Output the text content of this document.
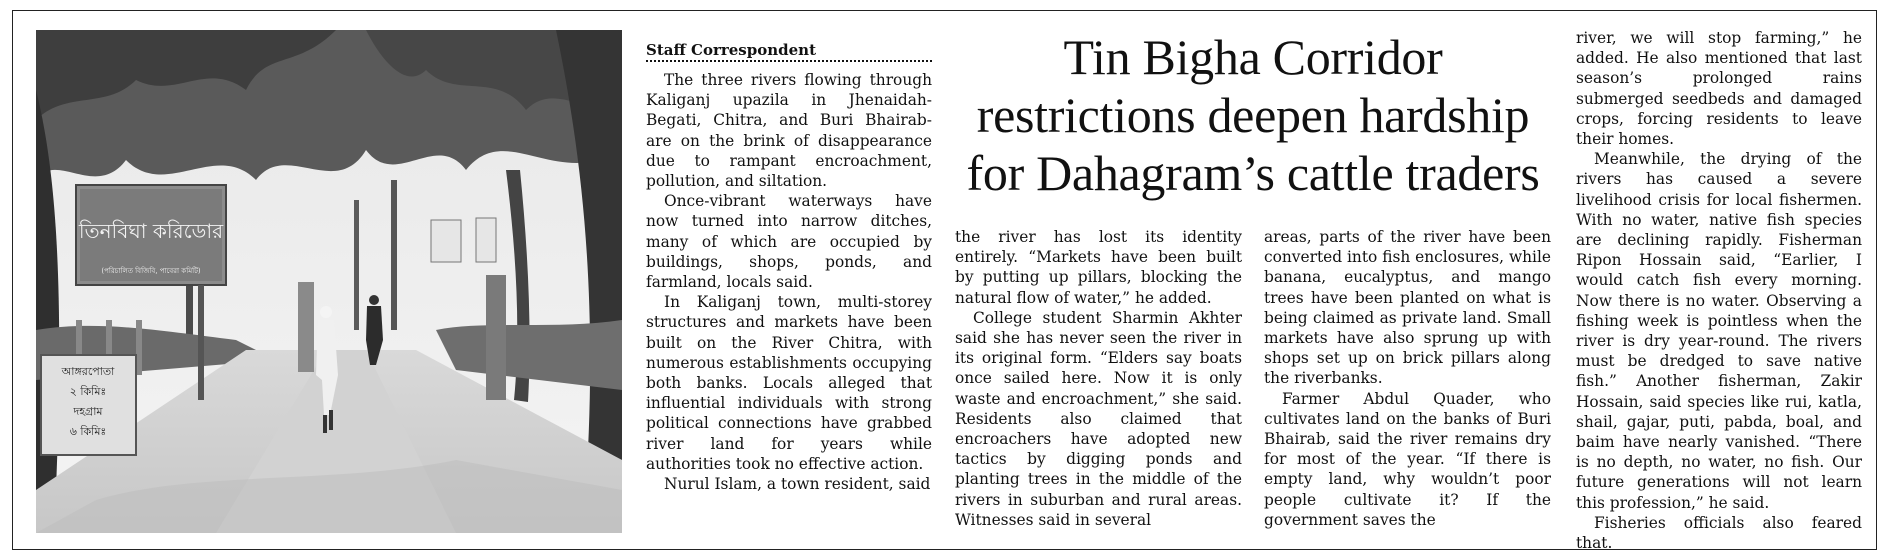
তিনবিঘা করিডোর
(পরিচালিত বিজিবি, পাবেরা কমিটি)
আঙ্গরপোতা
২ কিমিঃ
দহগ্রাম
৬ কিমিঃ
Staff Correspondent

The three rivers flowing through Kaliganj upazila in Jhenaidah- Begati, Chitra, and Buri Bhairab- are on the brink of disappearance due to rampant encroachment, pollution, and siltation.

Once-vibrant waterways have now turned into narrow ditches, many of which are occupied by buildings, shops, ponds, and farmland, locals said.

In Kaliganj town, multi-storey structures and markets have been built on the River Chitra, with numerous establishments occupying both banks. Locals alleged that influential individuals with strong political connections have grabbed river land for years while authorities took no effective action.

Nurul Islam, a town resident, said

Tin Bigha Corridor restrictions deepen hardship for Dahagram’s cattle traders

the river has lost its identity entirely. “Markets have been built by putting up pillars, blocking the natural flow of water,” he added.

College student Sharmin Akhter said she has never seen the river in its original form. “Elders say boats once sailed here. Now it is only waste and encroachment,” she said. Residents also claimed that encroachers have adopted new tactics by digging ponds and planting trees in the middle of the rivers in suburban and rural areas. Witnesses said in several

areas, parts of the river have been converted into fish enclosures, while banana, eucalyptus, and mango trees have been planted on what is being claimed as private land. Small markets have also sprung up with shops set up on brick pillars along the riverbanks.

Farmer Abdul Quader, who cultivates land on the banks of Buri Bhairab, said the river remains dry for most of the year. “If there is empty land, why wouldn’t poor people cultivate it? If the government saves the

river, we will stop farming,” he added. He also mentioned that last season’s prolonged rains submerged seedbeds and damaged crops, forcing residents to leave their homes.

Meanwhile, the drying of the rivers has caused a severe livelihood crisis for local fishermen. With no water, native fish species are declining rapidly. Fisherman Ripon Hossain said, “Earlier, I would catch fish every morning. Now there is no water. Observing a fishing week is pointless when the river is dry year-round. The rivers must be dredged to save native fish.” Another fisherman, Zakir Hossain, said species like rui, katla, shail, gajar, puti, pabda, boal, and baim have nearly vanished. “There is no depth, no water, no fish. Our future generations will not learn this profession,” he said.

Fisheries officials also feared that.
